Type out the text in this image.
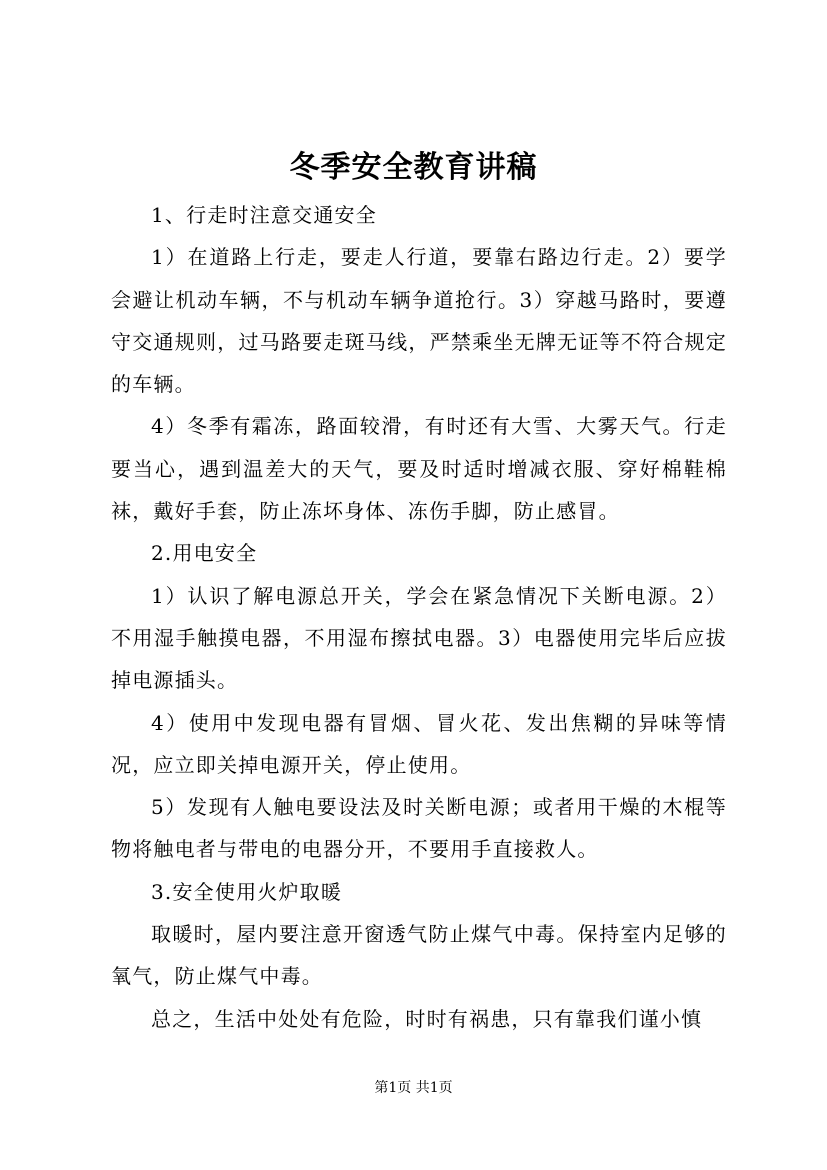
冬季安全教育讲稿

1、行走时注意交通安全

1）在道路上行走，要走人行道，要靠右路边行走。2）要学会避让机动车辆，不与机动车辆争道抢行。3）穿越马路时，要遵守交通规则，过马路要走斑马线，严禁乘坐无牌无证等不符合规定的车辆。

4）冬季有霜冻，路面较滑，有时还有大雪、大雾天气。行走要当心，遇到温差大的天气，要及时适时增减衣服、穿好棉鞋棉袜，戴好手套，防止冻坏身体、冻伤手脚，防止感冒。

2.用电安全

1）认识了解电源总开关，学会在紧急情况下关断电源。2）不用湿手触摸电器，不用湿布擦拭电器。3）电器使用完毕后应拔掉电源插头。

4）使用中发现电器有冒烟、冒火花、发出焦糊的异味等情况，应立即关掉电源开关，停止使用。

5）发现有人触电要设法及时关断电源；或者用干燥的木棍等物将触电者与带电的电器分开，不要用手直接救人。

3.安全使用火炉取暖

取暖时，屋内要注意开窗透气防止煤气中毒。保持室内足够的氧气，防止煤气中毒。

总之，生活中处处有危险，时时有祸患，只有靠我们谨小慎

第1页 共1页
